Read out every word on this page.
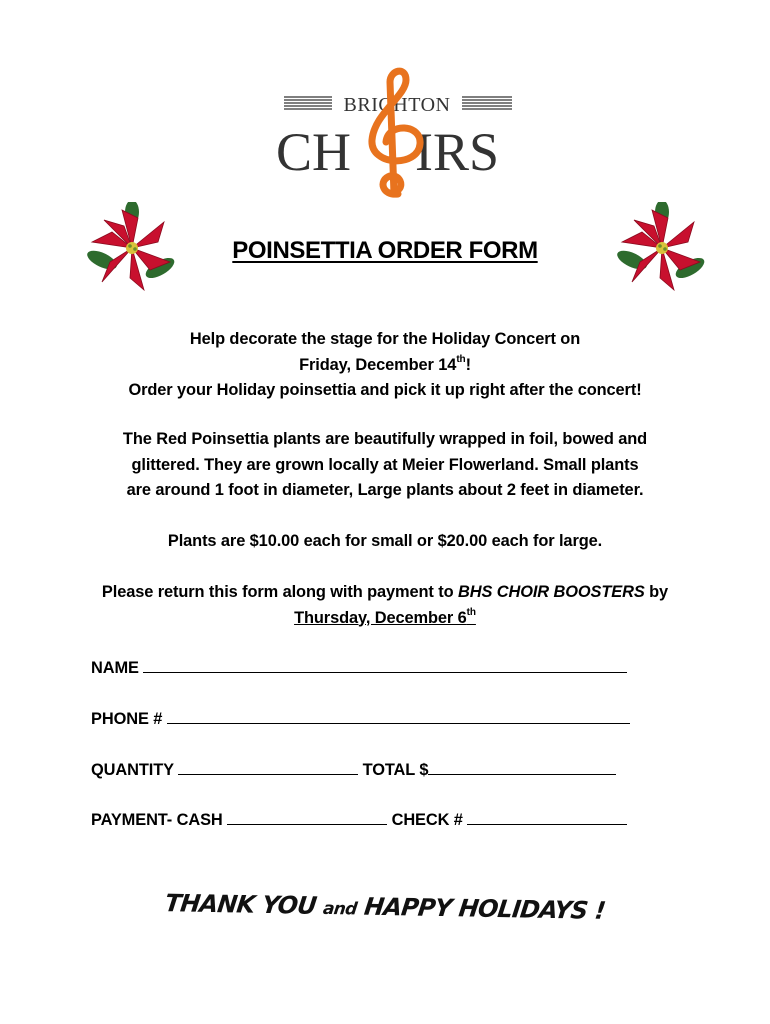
BRIGHTON
CH IRS
POINSETTIA ORDER FORM
Help decorate the stage for the Holiday Concert on
Friday, December 14th!
Order your Holiday poinsettia and pick it up right after the concert!
The Red Poinsettia plants are beautifully wrapped in foil, bowed and
glittered. They are grown locally at Meier Flowerland. Small plants
are around 1 foot in diameter, Large plants about 2 feet in diameter.
Plants are $10.00 each for small or $20.00 each for large.
Please return this form along with payment to BHS CHOIR BOOSTERS by
Thursday, December 6th
NAME
PHONE #
QUANTITY	TOTAL $
PAYMENT- CASH	CHECK #
THANK YOU and HAPPY HOLIDAYS !
